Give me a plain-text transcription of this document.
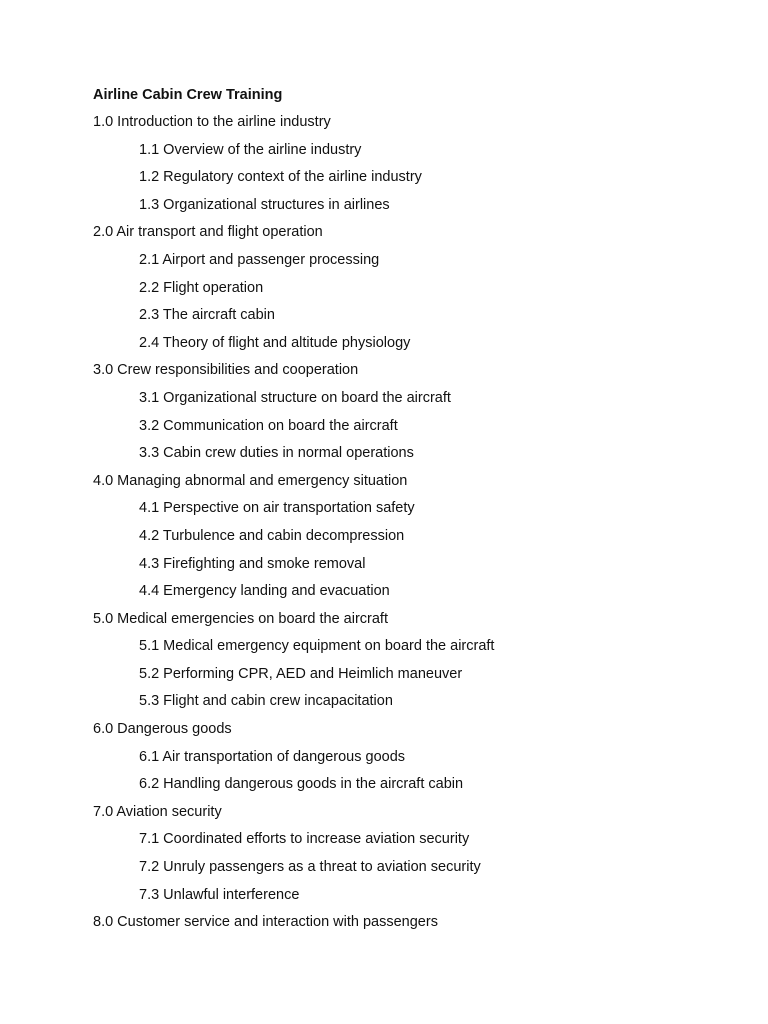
Airline Cabin Crew Training
1.0 Introduction to the airline industry
1.1 Overview of the airline industry
1.2 Regulatory context of the airline industry
1.3 Organizational structures in airlines
2.0 Air transport and flight operation
2.1 Airport and passenger processing
2.2 Flight operation
2.3 The aircraft cabin
2.4 Theory of flight and altitude physiology
3.0 Crew responsibilities and cooperation
3.1 Organizational structure on board the aircraft
3.2 Communication on board the aircraft
3.3 Cabin crew duties in normal operations
4.0 Managing abnormal and emergency situation
4.1 Perspective on air transportation safety
4.2 Turbulence and cabin decompression
4.3 Firefighting and smoke removal
4.4 Emergency landing and evacuation
5.0 Medical emergencies on board the aircraft
5.1 Medical emergency equipment on board the aircraft
5.2 Performing CPR, AED and Heimlich maneuver
5.3 Flight and cabin crew incapacitation
6.0 Dangerous goods
6.1 Air transportation of dangerous goods
6.2 Handling dangerous goods in the aircraft cabin
7.0 Aviation security
7.1 Coordinated efforts to increase aviation security
7.2 Unruly passengers as a threat to aviation security
7.3 Unlawful interference
8.0 Customer service and interaction with passengers
